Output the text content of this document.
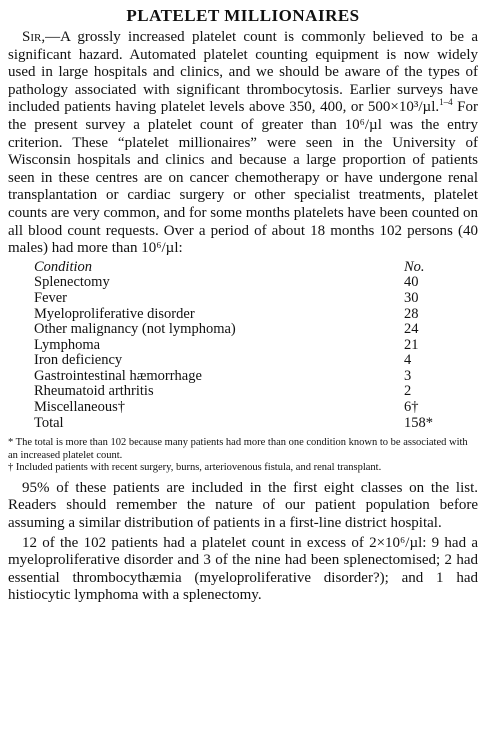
PLATELET MILLIONAIRES

Sir,—A grossly increased platelet count is commonly believed to be a significant hazard. Automated platelet counting equipment is now widely used in large hospitals and clinics, and we should be aware of the types of pathology associated with significant thrombocytosis. Earlier surveys have included patients having platelet levels above 350, 400, or 500×10³/µl.$^{1-4}$ For the present survey a platelet count of greater than 10⁶/µl was the entry criterion. These “platelet millionaires” were seen in the University of Wisconsin hospitals and clinics and because a large proportion of patients seen in these centres are on cancer chemotherapy or have undergone renal transplantation or cardiac surgery or other specialist treatments, platelet counts are very common, and for some months platelets have been counted on all blood count requests. Over a period of about 18 months 102 persons (40 males) had more than 10⁶/µl:

Condition	No.
Splenectomy	40
Fever	30
Myeloproliferative disorder	28
Other malignancy (not lymphoma)	24
Lymphoma	21
Iron deficiency	4
Gastrointestinal hæmorrhage	3
Rheumatoid arthritis	2
Miscellaneous†	6†
Total	158*

* The total is more than 102 because many patients had more than one condition known to be associated with an increased platelet count.

† Included patients with recent surgery, burns, arteriovenous fistula, and renal transplant.

95% of these patients are included in the first eight classes on the list. Readers should remember the nature of our patient population before assuming a similar distribution of patients in a first-line district hospital.

12 of the 102 patients had a platelet count in excess of 2×10⁶/µl: 9 had a myeloproliferative disorder and 3 of the nine had been splenectomised; 2 had essential thrombocythæmia (myeloproliferative disorder?); and 1 had histiocytic lymphoma with a splenectomy.
